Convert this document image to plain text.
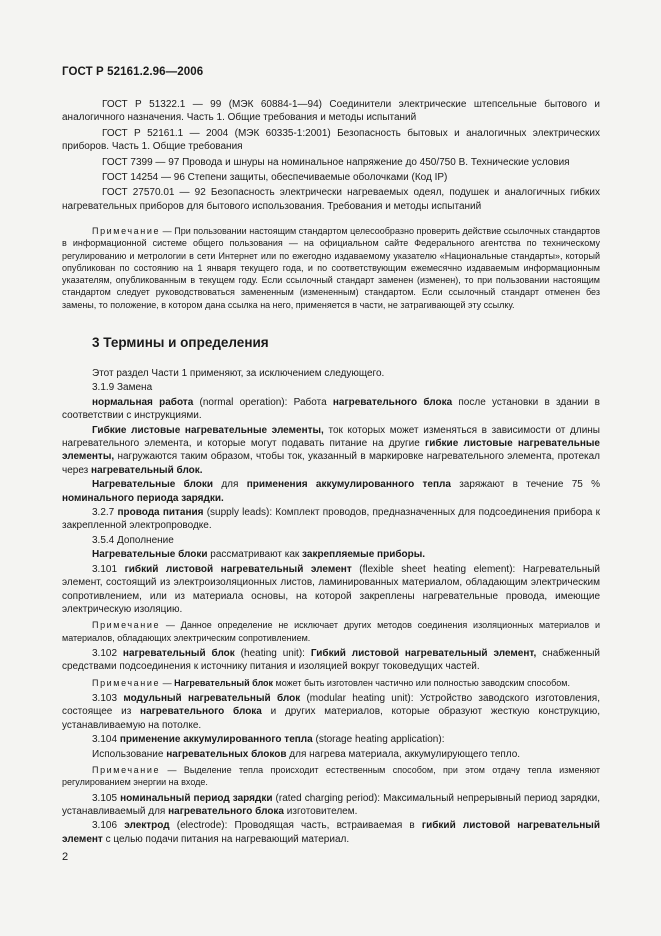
ГОСТ Р 52161.2.96—2006

ГОСТ Р 51322.1 — 99 (МЭК 60884-1—94) Соединители электрические штепсельные бытового и аналогичного назначения. Часть 1. Общие требования и методы испытаний

ГОСТ Р 52161.1 — 2004 (МЭК 60335-1:2001) Безопасность бытовых и аналогичных электрических приборов. Часть 1. Общие требования

ГОСТ 7399 — 97 Провода и шнуры на номинальное напряжение до 450/750 В. Технические условия

ГОСТ 14254 — 96 Степени защиты, обеспечиваемые оболочками (Код IP)

ГОСТ 27570.01 — 92 Безопасность электрически нагреваемых одеял, подушек и аналогичных гибких нагревательных приборов для бытового использования. Требования и методы испытаний

Примечание — При пользовании настоящим стандартом целесообразно проверить действие ссылочных стандартов в информационной системе общего пользования — на официальном сайте Федерального агентства по техническому регулированию и метрологии в сети Интернет или по ежегодно издаваемому указателю «Национальные стандарты», который опубликован по состоянию на 1 января текущего года, и по соответствующим ежемесячно издаваемым информационным указателям, опубликованным в текущем году. Если ссылочный стандарт заменен (изменен), то при пользовании настоящим стандартом следует руководствоваться замененным (измененным) стандартом. Если ссылочный стандарт отменен без замены, то положение, в котором дана ссылка на него, применяется в части, не затрагивающей эту ссылку.

3 Термины и определения

Этот раздел Части 1 применяют, за исключением следующего.

3.1.9 Замена

нормальная работа (normal operation): Работа нагревательного блока после установки в здании в соответствии с инструкциями.

Гибкие листовые нагревательные элементы, ток которых может изменяться в зависимости от длины нагревательного элемента, и которые могут подавать питание на другие гибкие листовые нагревательные элементы, нагружаются таким образом, чтобы ток, указанный в маркировке нагревательного элемента, протекал через нагревательный блок.

Нагревательные блоки для применения аккумулированного тепла заряжают в течение 75 % номинального периода зарядки.

3.2.7 провода питания (supply leads): Комплект проводов, предназначенных для подсоединения прибора к закрепленной электропроводке.

3.5.4 Дополнение

Нагревательные блоки рассматривают как закрепляемые приборы.

3.101 гибкий листовой нагревательный элемент (flexible sheet heating element): Нагревательный элемент, состоящий из электроизоляционных листов, ламинированных материалом, обладающим электрическим сопротивлением, или из материала основы, на которой закреплены нагревательные провода, имеющие электрическую изоляцию.

Примечание — Данное определение не исключает других методов соединения изоляционных материалов и материалов, обладающих электрическим сопротивлением.

3.102 нагревательный блок (heating unit): Гибкий листовой нагревательный элемент, снабженный средствами подсоединения к источнику питания и изоляцией вокруг токоведущих частей.

Примечание — Нагревательный блок может быть изготовлен частично или полностью заводским способом.

3.103 модульный нагревательный блок (modular heating unit): Устройство заводского изготовления, состоящее из нагревательного блока и других материалов, которые образуют жесткую конструкцию, устанавливаемую на потолке.

3.104 применение аккумулированного тепла (storage heating application):

Использование нагревательных блоков для нагрева материала, аккумулирующего тепло.

Примечание — Выделение тепла происходит естественным способом, при этом отдачу тепла изменяют регулированием энергии на входе.

3.105 номинальный период зарядки (rated charging period): Максимальный непрерывный период зарядки, устанавливаемый для нагревательного блока изготовителем.

3.106 электрод (electrode): Проводящая часть, встраиваемая в гибкий листовой нагревательный элемент с целью подачи питания на нагревающий материал.

2
